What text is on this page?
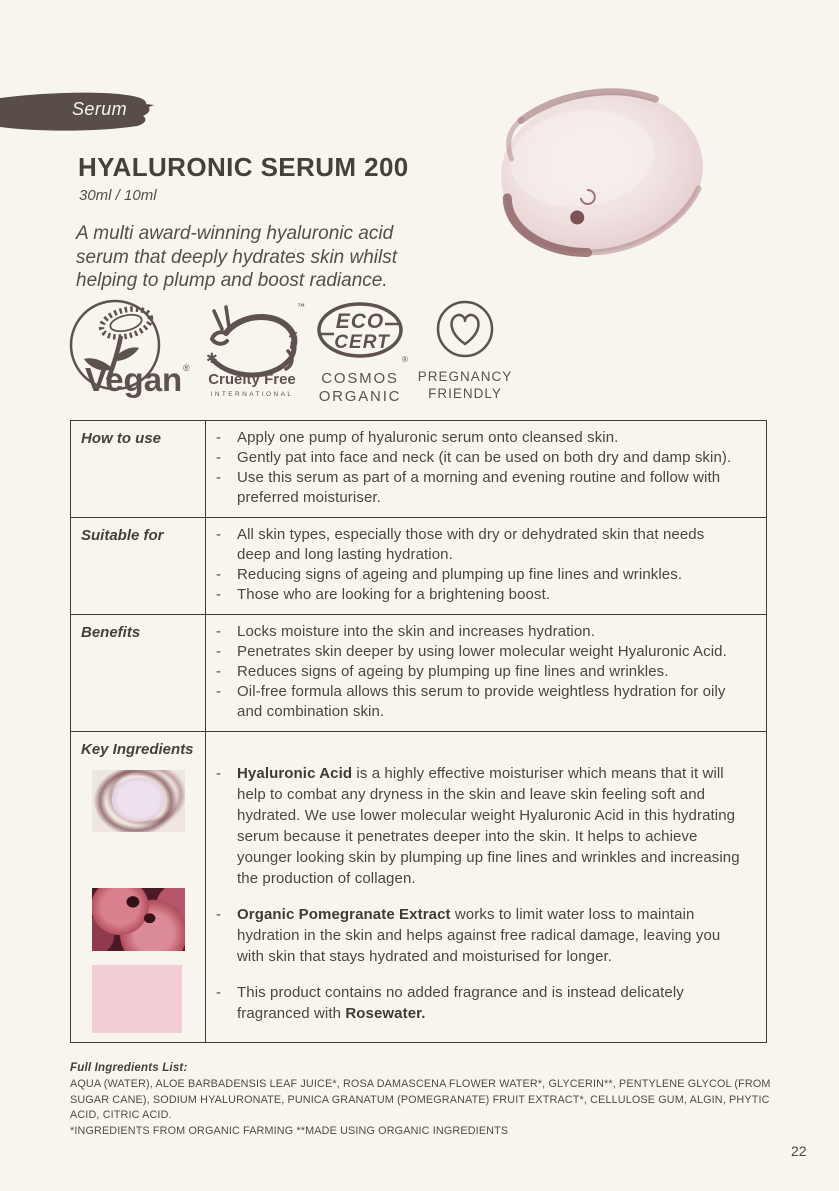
Serum
HYALURONIC SERUM 200
30ml / 10ml
A multi award-winning hyaluronic acid serum that deeply hydrates skin whilst helping to plump and boost radiance.
Vegan ®
✱
✱
™
Cruelty Free
INTERNATIONAL
ECO
CERT
®
COSMOS
ORGANIC
PREGNANCY
FRIENDLY
How to use	-	Apply one pump of hyaluronic serum onto cleansed skin.
-	Gently pat into face and neck (it can be used on both dry and damp skin).
-	Use this serum as part of a morning and evening routine and follow with preferred moisturiser.
Suitable for	-	All skin types, especially those with dry or dehydrated skin that needs deep and long lasting hydration.
-	Reducing signs of ageing and plumping up fine lines and wrinkles.
-	Those who are looking for a brightening boost.
Benefits	-	Locks moisture into the skin and increases hydration.
-	Penetrates skin deeper by using lower molecular weight Hyaluronic Acid.
-	Reduces signs of ageing by plumping up fine lines and wrinkles.
-	Oil-free formula allows this serum to provide weightless hydration for oily and combination skin.
Key Ingredients
-	Hyaluronic Acid is a highly effective moisturiser which means that it will help to combat any dryness in the skin and leave skin feeling soft and hydrated. We use lower molecular weight Hyaluronic Acid in this hydrating serum because it penetrates deeper into the skin. It helps to achieve younger looking skin by plumping up fine lines and wrinkles and increasing the production of collagen.
-	Organic Pomegranate Extract works to limit water loss to maintain hydration in the skin and helps against free radical damage, leaving you with skin that stays hydrated and moisturised for longer.
-	This product contains no added fragrance and is instead delicately fragranced with Rosewater.
Full Ingredients List:
AQUA (WATER), ALOE BARBADENSIS LEAF JUICE*, ROSA DAMASCENA FLOWER WATER*, GLYCERIN**, PENTYLENE GLYCOL (FROM SUGAR CANE), SODIUM HYALURONATE, PUNICA GRANATUM (POMEGRANATE) FRUIT EXTRACT*, CELLULOSE GUM, ALGIN, PHYTIC ACID, CITRIC ACID.
*INGREDIENTS FROM ORGANIC FARMING **MADE USING ORGANIC INGREDIENTS
22
